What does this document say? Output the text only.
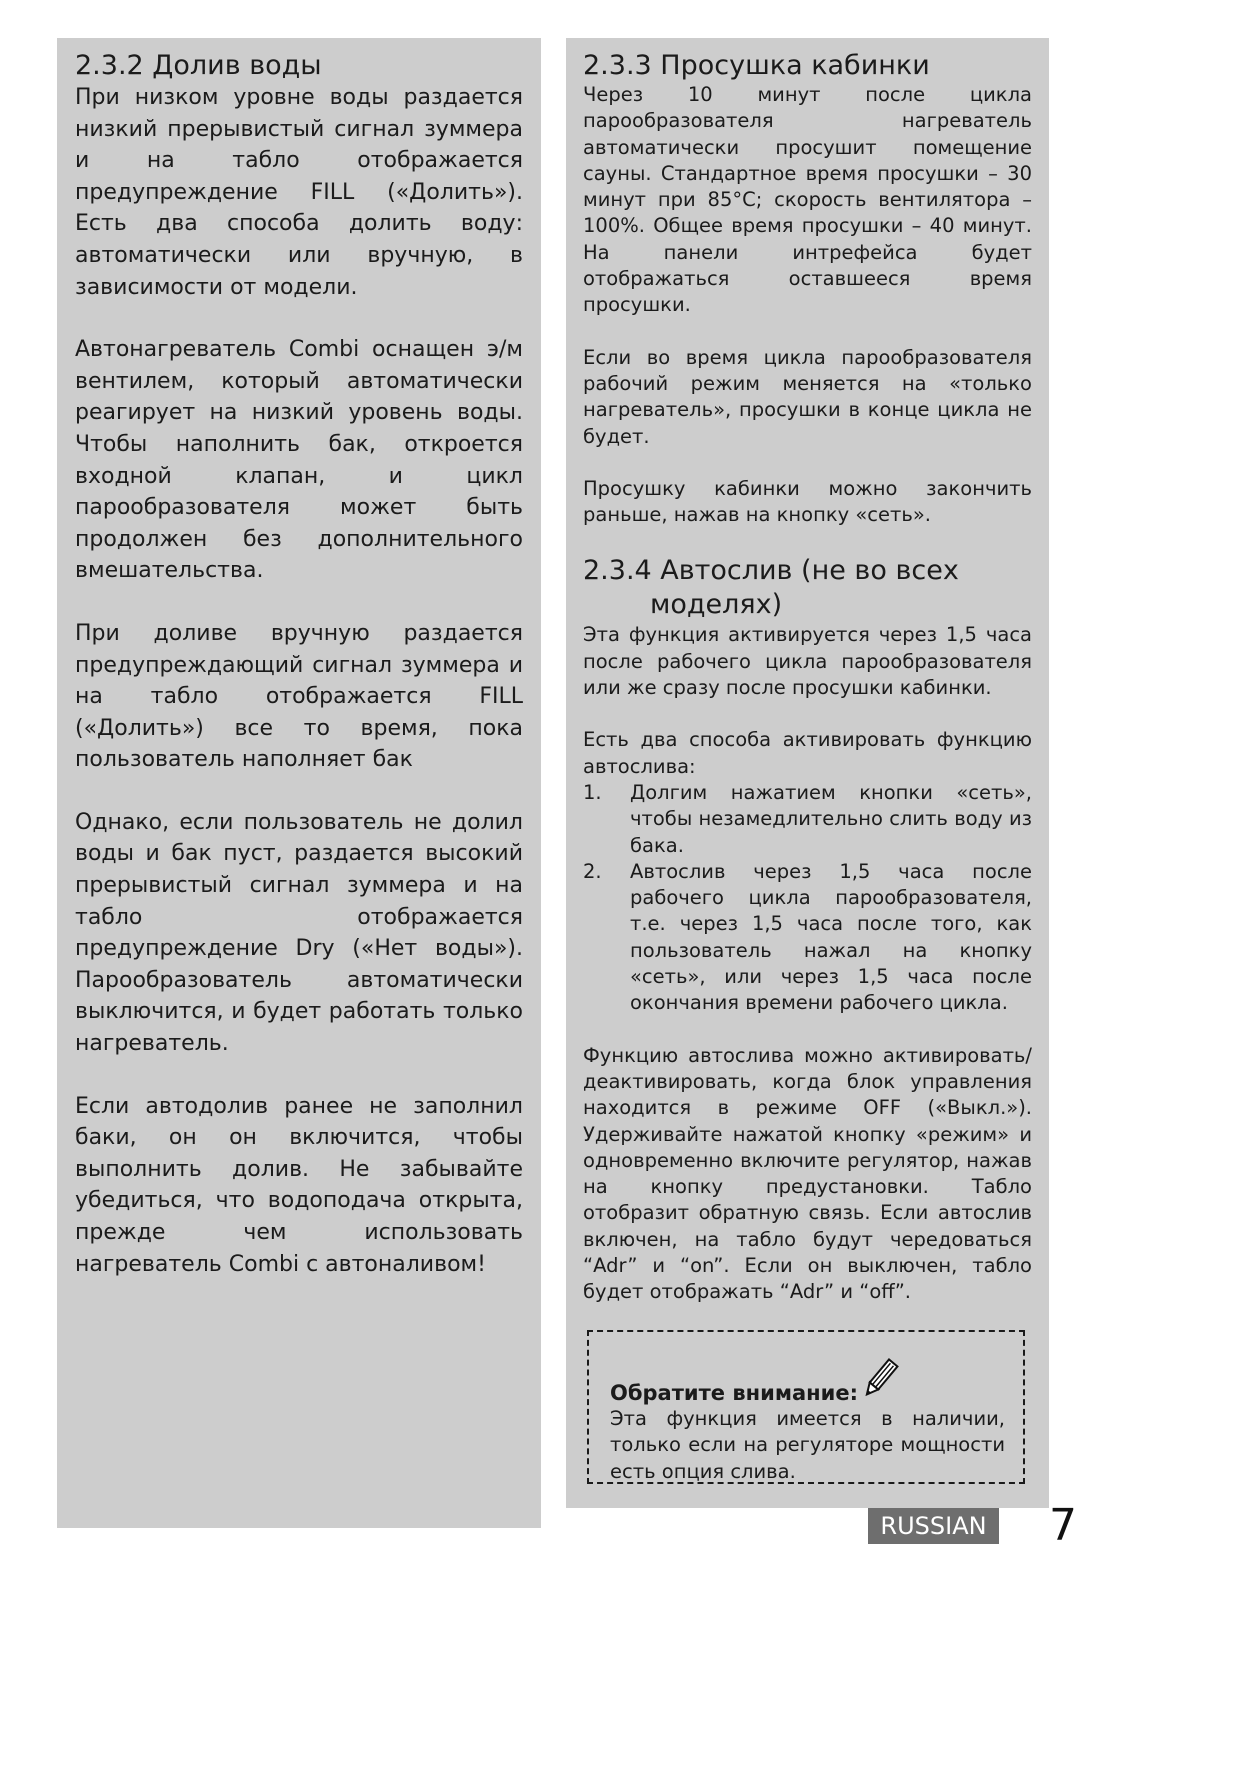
2.3.2 Долив воды

При низком уровне воды раздается низкий прерывистый сигнал зуммера и на табло отображается предупреждение FILL («Долить»). Есть два способа долить воду: автоматически или вручную, в зависимости от модели.

Автонагреватель Combi оснащен э/м вентилем, который автоматически реагирует на низкий уровень воды. Чтобы наполнить бак, откроется входной клапан, и цикл парообразователя может быть продолжен без дополнительного вмешательства.

При доливе вручную раздается предупреждающий сигнал зуммера и на табло отображается FILL («Долить») все то время, пока пользователь наполняет бак

Однако, если пользователь не долил воды и бак пуст, раздается высокий прерывистый сигнал зуммера и на табло отображается предупреждение Dry («Нет воды»). Парообразователь автоматически выключится, и будет работать только нагреватель.

Если автодолив ранее не заполнил баки, он он включится, чтобы выполнить долив. Не забывайте убедиться, что водоподача открыта, прежде чем использовать нагреватель Combi с автоналивом!

2.3.3 Просушка кабинки

Через 10 минут после цикла парообразователя нагреватель автоматически просушит помещение сауны. Стандартное время просушки – 30 минут при 85°C; скорость вентилятора – 100%. Общее время просушки – 40 минут. На панели интрефейса будет отображаться оставшееся время просушки.

Если во время цикла парообразователя рабочий режим меняется на «только нагреватель», просушки в конце цикла не будет.

Просушку кабинки можно закончить раньше, нажав на кнопку «сеть».

2.3.4 Автослив (не во всех
моделях)

Эта функция активируется через 1,5 часа после рабочего цикла парообразователя или же сразу после просушки кабинки.

Есть два способа активировать функцию автослива:

1.	Долгим нажатием кнопки «сеть», чтобы незамедлительно слить воду из бака.
2.	Автослив через 1,5 часа после рабочего цикла парообразователя, т.е. через 1,5 часа после того, как пользователь нажал на кнопку «сеть», или через 1,5 часа после окончания времени рабочего цикла.

Функцию автослива можно активировать/ деактивировать, когда блок управления находится в режиме OFF («Выкл.»). Удерживайте нажатой кнопку «режим» и одновременно включите регулятор, нажав на кнопку предустановки. Табло отобразит обратную связь. Если автослив включен, на табло будут чередоваться “Adr” и “on”. Если он выключен, табло будет отображать “Adr” и “off”.

Обратите внимание:

Эта функция имеется в наличии, только если на регуляторе мощности есть опция слива.

RUSSIAN 7
